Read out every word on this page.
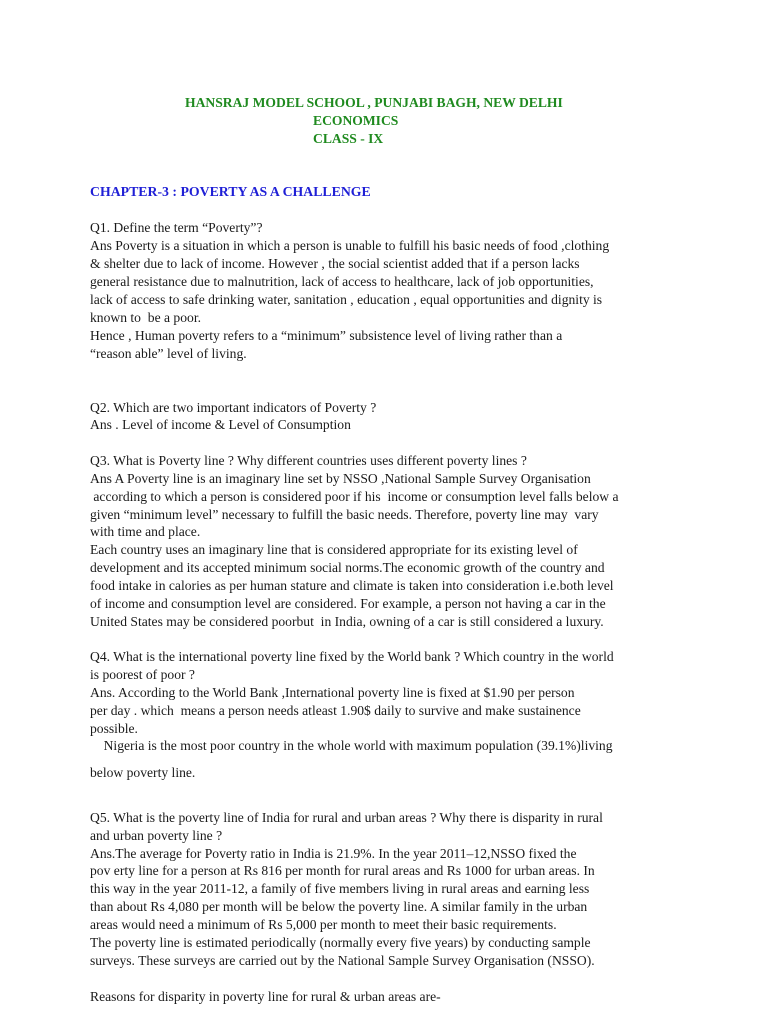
HANSRAJ MODEL SCHOOL , PUNJABI BAGH, NEW DELHI
ECONOMICS
CLASS - IX
CHAPTER-3 : POVERTY AS A CHALLENGE
Q1. Define the term “Poverty”?
Ans Poverty is a situation in which a person is unable to fulfill his basic needs of food ,clothing
& shelter due to lack of income. However , the social scientist added that if a person lacks
general resistance due to malnutrition, lack of access to healthcare, lack of job opportunities,
lack of access to safe drinking water, sanitation , education , equal opportunities and dignity is
known to  be a poor.
Hence , Human poverty refers to a “minimum” subsistence level of living rather than a
“reason able” level of living.
Q2. Which are two important indicators of Poverty ?
Ans . Level of income & Level of Consumption
Q3. What is Poverty line ? Why different countries uses different poverty lines ?
Ans A Poverty line is an imaginary line set by NSSO ,National Sample Survey Organisation
according to which a person is considered poor if his  income or consumption level falls below a
given “minimum level” necessary to fulfill the basic needs. Therefore, poverty line may  vary
with time and place.
Each country uses an imaginary line that is considered appropriate for its existing level of
development and its accepted minimum social norms.The economic growth of the country and
food intake in calories as per human stature and climate is taken into consideration i.e.both level
of income and consumption level are considered. For example, a person not having a car in the
United States may be considered poorbut  in India, owning of a car is still considered a luxury.
Q4. What is the international poverty line fixed by the World bank ? Which country in the world
is poorest of poor ?
Ans. According to the World Bank ,International poverty line is fixed at $1.90 per person
per day . which  means a person needs atleast 1.90$ daily to survive and make sustainence
possible.
Nigeria is the most poor country in the whole world with maximum population (39.1%)living
below poverty line.
Q5. What is the poverty line of India for rural and urban areas ? Why there is disparity in rural
and urban poverty line ?
Ans.The average for Poverty ratio in India is 21.9%. In the year 2011–12,NSSO fixed the
pov erty line for a person at Rs 816 per month for rural areas and Rs 1000 for urban areas. In
this way in the year 2011-12, a family of five members living in rural areas and earning less
than about Rs 4,080 per month will be below the poverty line. A similar family in the urban
areas would need a minimum of Rs 5,000 per month to meet their basic requirements.
The poverty line is estimated periodically (normally every five years) by conducting sample
surveys. These surveys are carried out by the National Sample Survey Organisation (NSSO).
Reasons for disparity in poverty line for rural & urban areas are-
